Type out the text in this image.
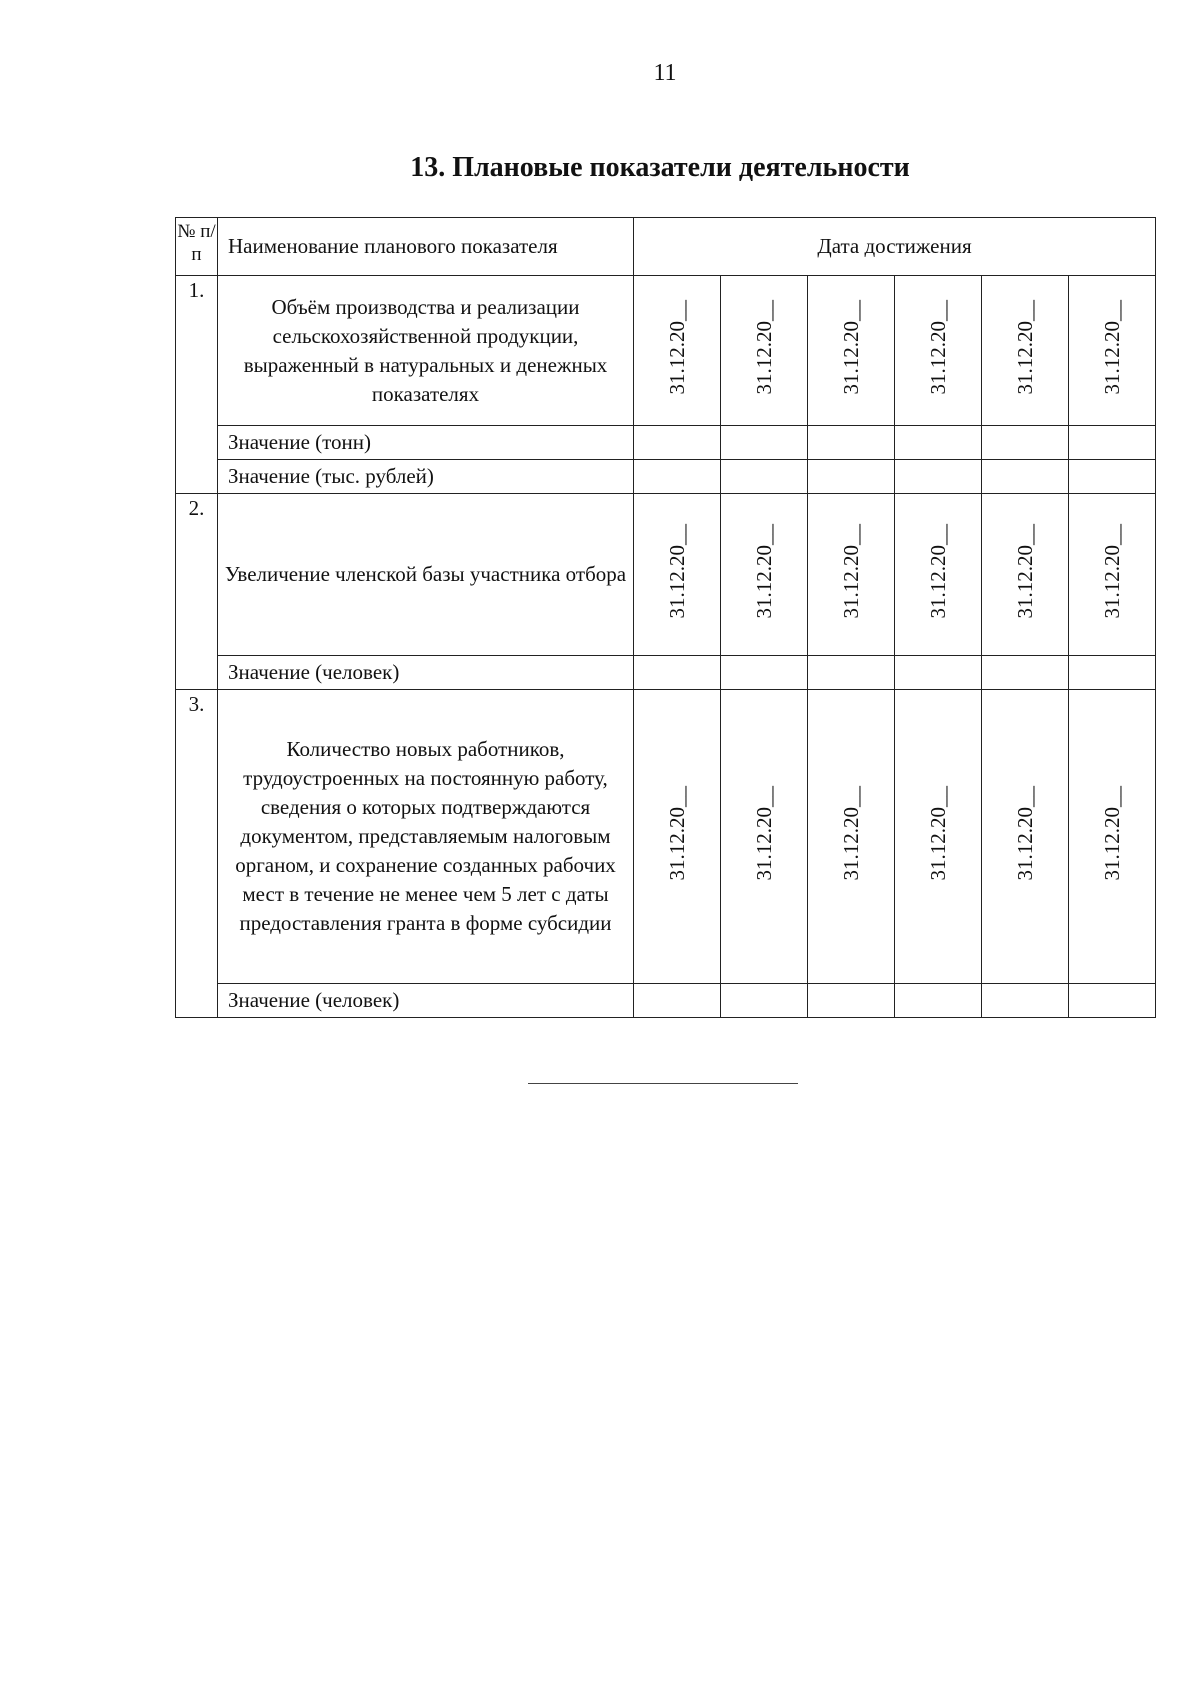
11
13. Плановые показатели деятельности
№ п/п	Наименование планового показателя	Дата достижения					
1.	Объём производства и реализации сельскохозяйственной продукции, выраженный в натуральных и денежных показателях	31.12.20__	31.12.20__	31.12.20__	31.12.20__	31.12.20__	31.12.20__
	Значение (тонн)						
	Значение (тыс. рублей)						
2.	Увеличение членской базы участника отбора	31.12.20__	31.12.20__	31.12.20__	31.12.20__	31.12.20__	31.12.20__
	Значение (человек)						
3.	Количество новых работников, трудоустроенных на постоянную работу, сведения о которых подтверждаются документом, представляемым налоговым органом, и сохранение созданных рабочих мест в течение не менее чем 5 лет с даты предоставления гранта в форме субсидии	31.12.20__	31.12.20__	31.12.20__	31.12.20__	31.12.20__	31.12.20__
	Значение (человек)						
